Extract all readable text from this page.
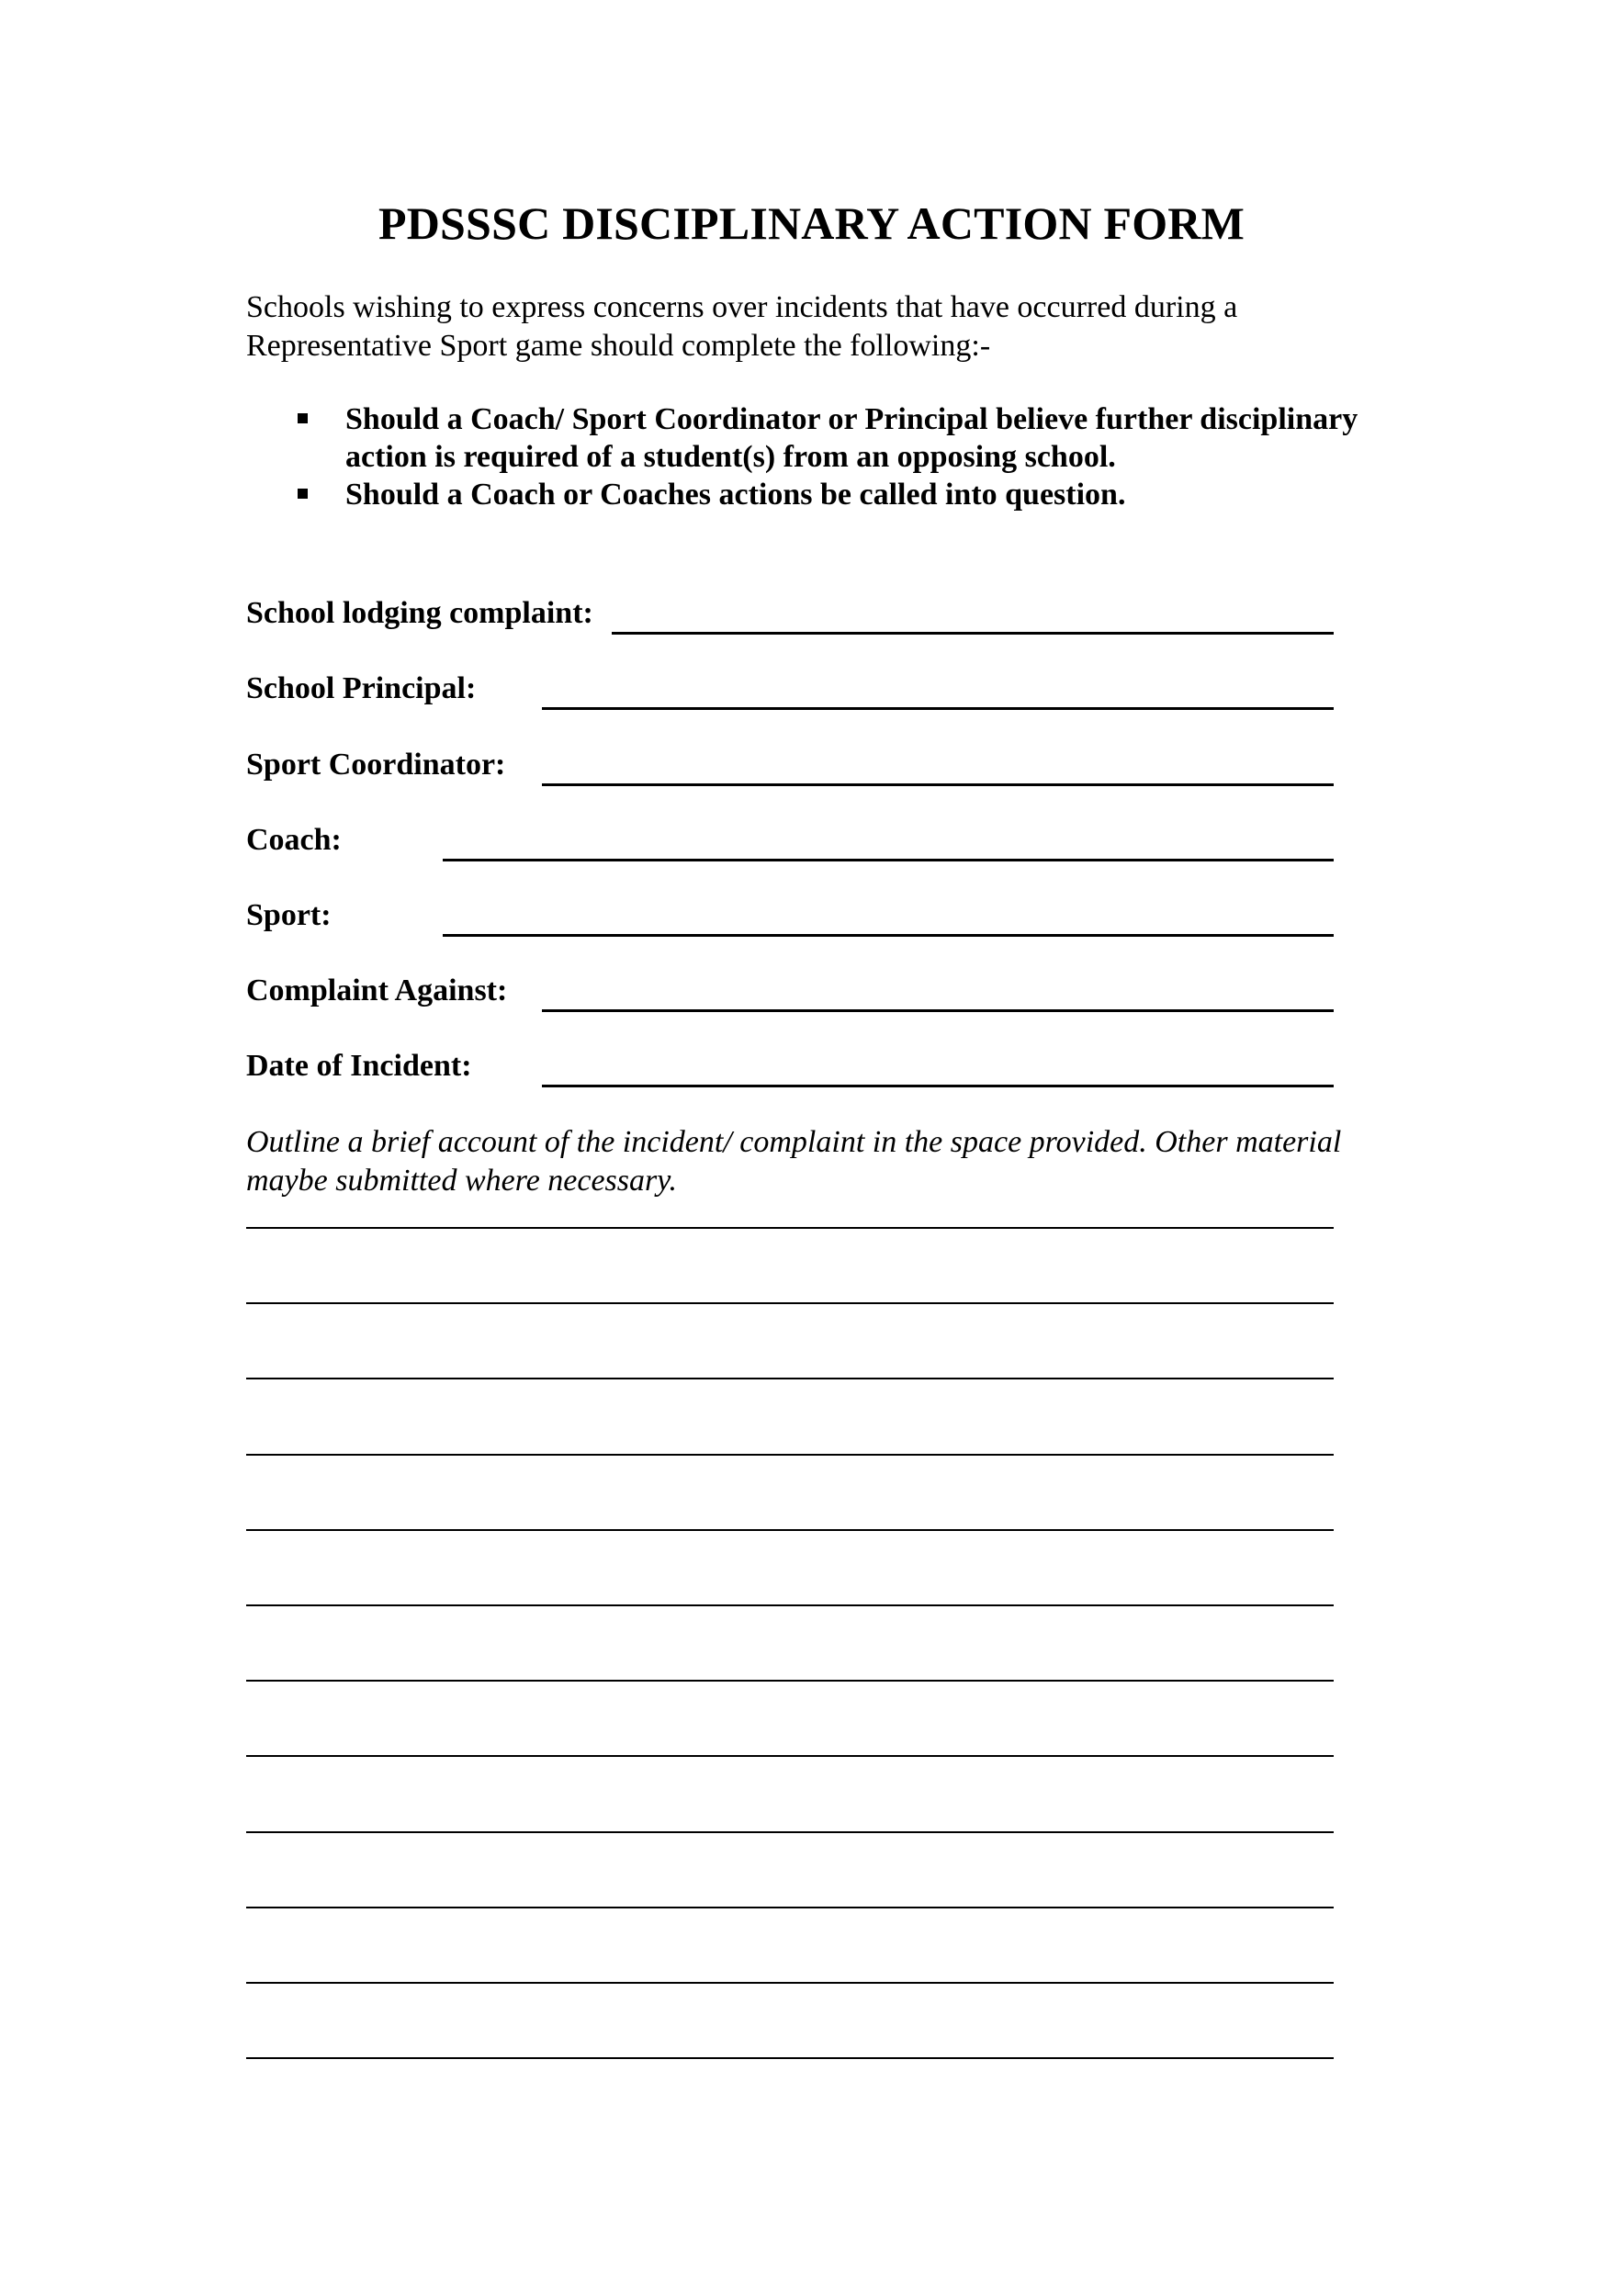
PDSSSC DISCIPLINARY ACTION FORM

Schools wishing to express concerns over incidents that have occurred during a Representative Sport game should complete the following:-

Should a Coach/ Sport Coordinator or Principal believe further disciplinary action is required of a student(s) from an opposing school.
Should a Coach or Coaches actions be called into question.
School lodging complaint:
School Principal:
Sport Coordinator:
Coach:
Sport:
Complaint Against:
Date of Incident:

Outline a brief account of the incident/ complaint in the space provided. Other material maybe submitted where necessary.
